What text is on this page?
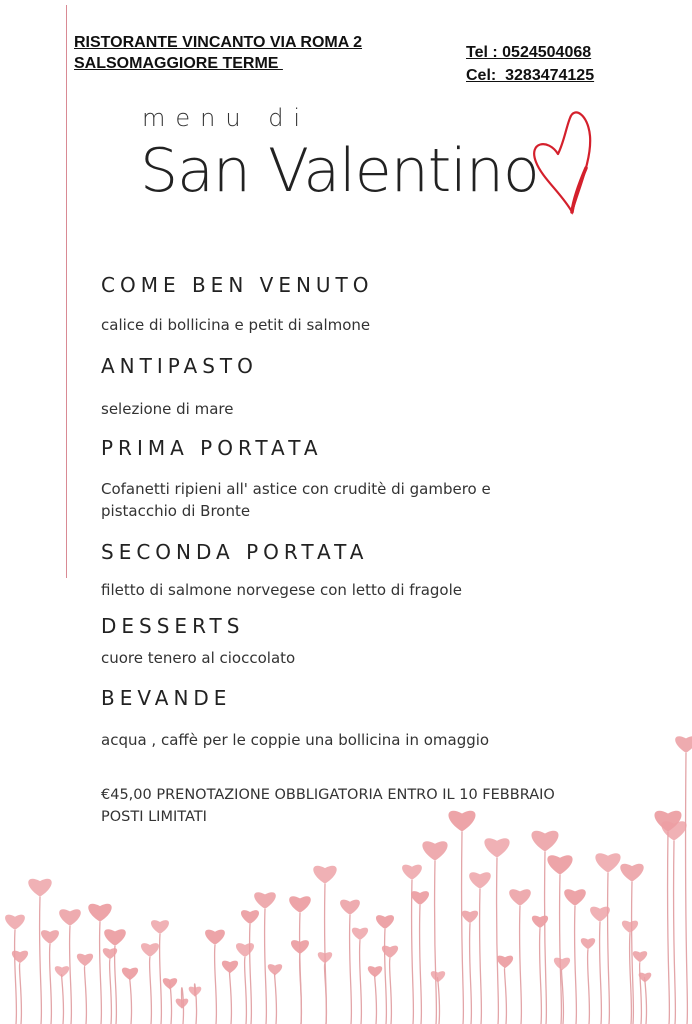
RISTORANTE VINCANTO VIA ROMA 2
SALSOMAGGIORE TERME
Tel : 0524504068
Cel:  3283474125
menu di
San Valentino
COME BEN VENUTO
calice di bollicina e petit di salmone
ANTIPASTO
selezione di mare
PRIMA PORTATA
Cofanetti ripieni all' astice con cruditè di gambero e pistacchio di Bronte
SECONDA PORTATA
filetto di salmone norvegese con letto di fragole
DESSERTS
cuore tenero al cioccolato
BEVANDE
acqua , caffè per le coppie una bollicina in omaggio
€45,00 PRENOTAZIONE OBBLIGATORIA ENTRO IL 10 FEBBRAIO POSTI LIMITATI
